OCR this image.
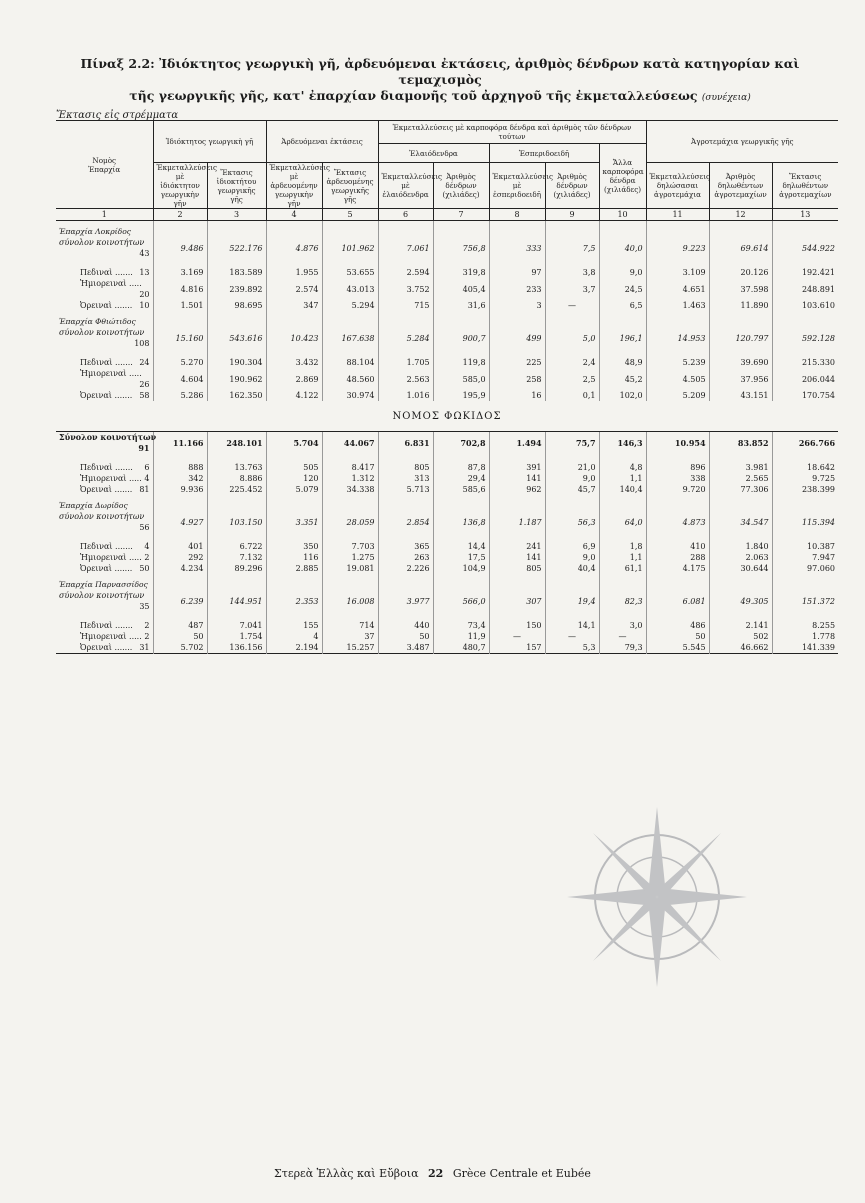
Πίναξ 2.2: Ἰδιόκτητος γεωργικὴ γῆ, ἀρδευόμεναι ἐκτάσεις, ἀριθμὸς δένδρων κατὰ κατηγορίαν καὶ τεμαχισμὸς
τῆς γεωργικῆς γῆς, κατ' ἐπαρχίαν διαμονῆς τοῦ ἀρχηγοῦ τῆς ἐκμεταλλεύσεως (συνέχεια)
Ἔκτασις εἰς στρέμματα
Νομὸς
Ἐπαρχία	Ἰδιόκτητος γεωργικὴ γῆ		Ἀρδευόμεναι ἐκτάσεις		Ἐκμεταλλεύσεις μὲ καρποφόρα δένδρα καὶ ἀριθμὸς τῶν δένδρων τούτων					Ἀγροτεμάχια γεωργικῆς γῆς		
					Ἐλαιόδενδρα		Ἐσπεριδοειδῆ		Ἄλλα καρποφόρα δένδρα (χιλιάδες)			
	Ἐκμεταλλεύσεις μὲ ἰδιόκτητον γεωργικὴν γῆν	Ἔκτασις ἰδιοκτήτου γεωργικῆς γῆς	Ἐκμεταλλεύσεις μὲ ἀρδευομένην γεωργικὴν γῆν	Ἔκτασις ἀρδευομένης γεωργικῆς γῆς	Ἐκμεταλλεύσεις μὲ ἐλαιόδενδρα	Ἀριθμὸς δένδρων (χιλιάδες)	Ἐκμεταλλεύσεις μὲ ἐσπεριδοειδῆ	Ἀριθμὸς δένδρων (χιλιάδες)		Ἐκμεταλλεύσεις δηλώσασαι ἀγροτεμάχια	Ἀριθμὸς δηλωθέντων ἀγροτεμαχίων	Ἔκτασις δηλωθέντων ἀγροτεμαχίων
1	2	3	4	5	6	7	8	9	10	11	12	13
Ἐπαρχία Λοκρίδος												
σύνολον κοινοτήτων
43	9.486	522.176	4.876	101.962	7.061	756,8	333	7,5	40,0	9.223	69.614	544.922

Πεδιναὶ ....... 13	3.169	183.589	1.955	53.655	2.594	319,8	97	3,8	9,0	3.109	20.126	192.421
Ἡμιορειναὶ .....
20	4.816	239.892	2.574	43.013	3.752	405,4	233	3,7	24,5	4.651	37.598	248.891
Ὀρειναὶ ....... 10	1.501	98.695	347	5.294	715	31,6	3	—	6,5	1.463	11.890	103.610
Ἐπαρχία Φθιώτιδος												
σύνολον κοινοτήτων
108	15.160	543.616	10.423	167.638	5.284	900,7	499	5,0	196,1	14.953	120.797	592.128

Πεδιναὶ ....... 24	5.270	190.304	3.432	88.104	1.705	119,8	225	2,4	48,9	5.239	39.690	215.330
Ἡμιορειναὶ .....
26	4.604	190.962	2.869	48.560	2.563	585,0	258	2,5	45,2	4.505	37.956	206.044
Ὀρειναὶ ....... 58	5.286	162.350	4.122	30.974	1.016	195,9	16	0,1	102,0	5.209	43.151	170.754
ΝΟΜΟΣ ΦΩΚΙΔΟΣ												
Σύνολον κοινοτήτων
91	11.166	248.101	5.704	44.067	6.831	702,8	1.494	75,7	146,3	10.954	83.852	266.766

Πεδιναὶ ....... 6	888	13.763	505	8.417	805	87,8	391	21,0	4,8	896	3.981	18.642
Ἡμιορειναὶ ..... 4	342	8.886	120	1.312	313	29,4	141	9,0	1,1	338	2.565	9.725
Ὀρειναὶ ....... 81	9.936	225.452	5.079	34.338	5.713	585,6	962	45,7	140,4	9.720	77.306	238.399
Ἐπαρχία Δωρίδος												
σύνολον κοινοτήτων
56	4.927	103.150	3.351	28.059	2.854	136,8	1.187	56,3	64,0	4.873	34.547	115.394

Πεδιναὶ ....... 4	401	6.722	350	7.703	365	14,4	241	6,9	1,8	410	1.840	10.387
Ἡμιορειναὶ ..... 2	292	7.132	116	1.275	263	17,5	141	9,0	1,1	288	2.063	7.947
Ὀρειναὶ ....... 50	4.234	89.296	2.885	19.081	2.226	104,9	805	40,4	61,1	4.175	30.644	97.060
Ἐπαρχία Παρνασσίδος												
σύνολον κοινοτήτων
35	6.239	144.951	2.353	16.008	3.977	566,0	307	19,4	82,3	6.081	49.305	151.372

Πεδιναὶ ....... 2	487	7.041	155	714	440	73,4	150	14,1	3,0	486	2.141	8.255
Ἡμιορειναὶ ..... 2	50	1.754	4	37	50	11,9	—	—	—	50	502	1.778
Ὀρειναὶ ....... 31	5.702	136.156	2.194	15.257	3.487	480,7	157	5,3	79,3	5.545	46.662	141.339
Στερεὰ Ἑλλὰς καὶ Εὔβοια 22 Grèce Centrale et Eubée
